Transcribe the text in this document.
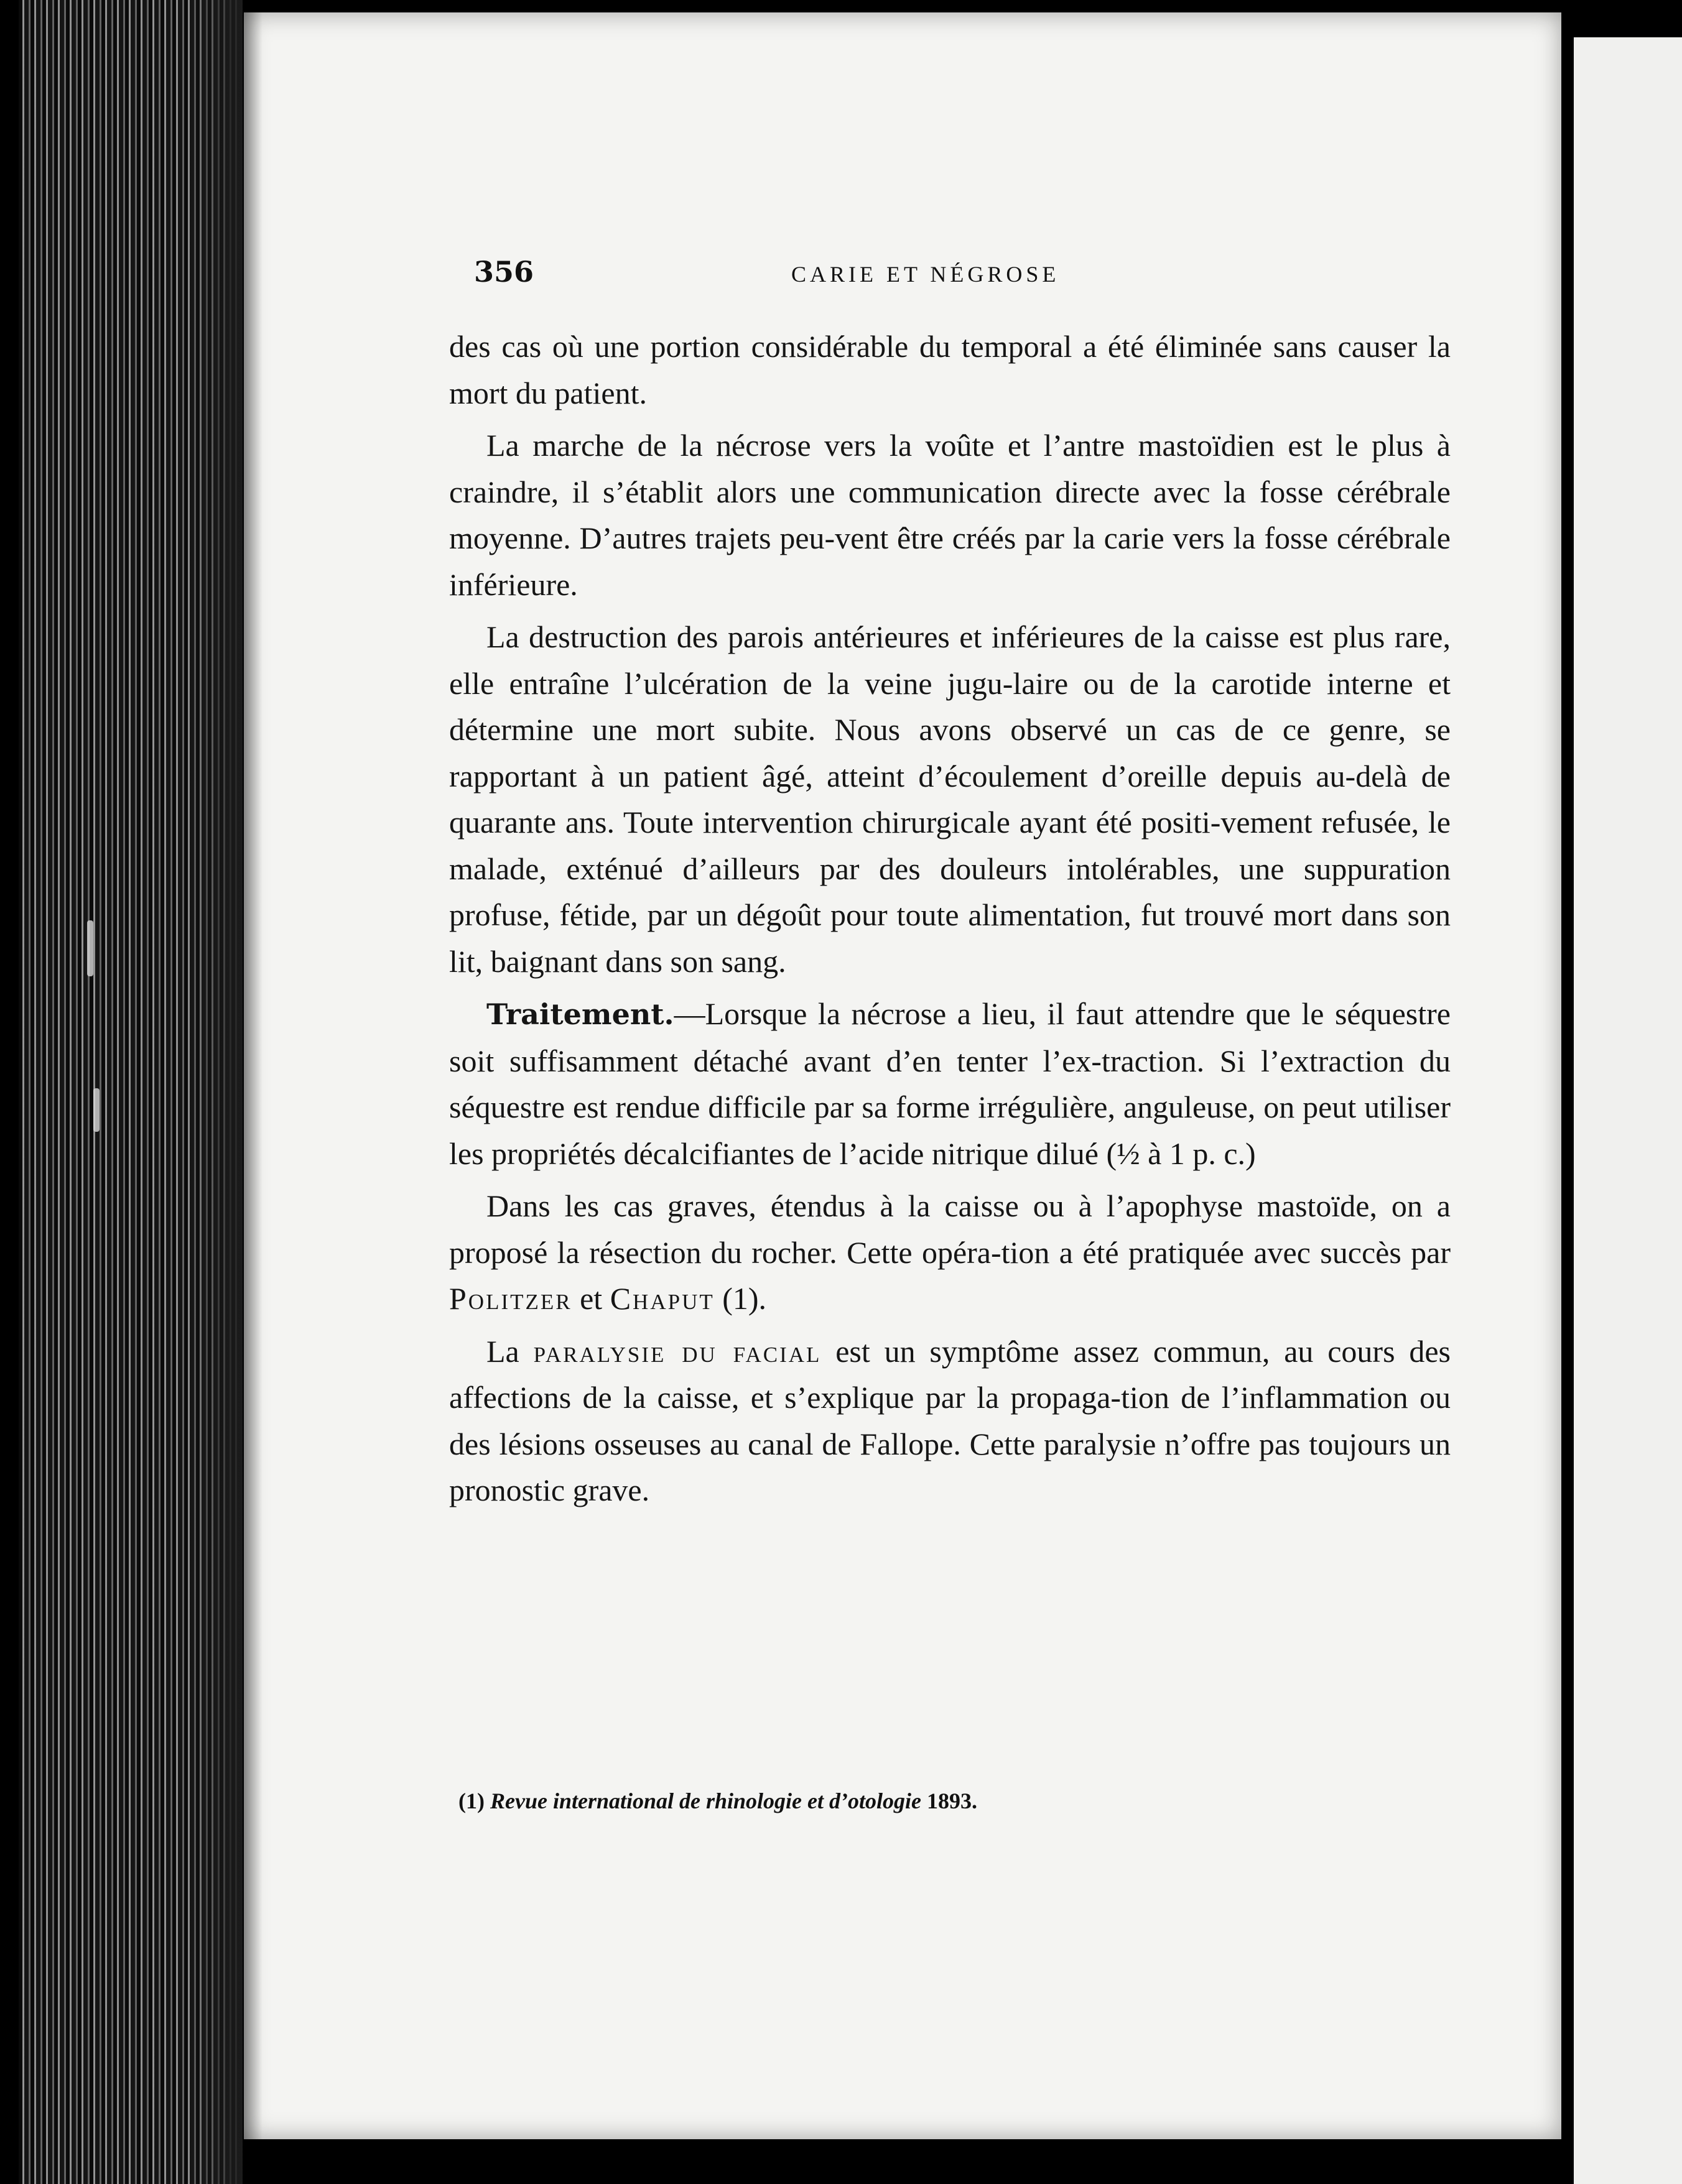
356	CARIE ET NÉGROSE

des cas où une portion considérable du temporal a été éliminée sans causer la mort du patient.

La marche de la nécrose vers la voûte et l’antre mastoïdien est le plus à craindre, il s’établit alors une communication directe avec la fosse cérébrale moyenne. D’autres trajets peu-vent être créés par la carie vers la fosse cérébrale inférieure.

La destruction des parois antérieures et inférieures de la caisse est plus rare, elle entraîne l’ulcération de la veine jugu-laire ou de la carotide interne et détermine une mort subite. Nous avons observé un cas de ce genre, se rapportant à un patient âgé, atteint d’écoulement d’oreille depuis au-delà de quarante ans. Toute intervention chirurgicale ayant été positi-vement refusée, le malade, exténué d’ailleurs par des douleurs intolérables, une suppuration profuse, fétide, par un dégoût pour toute alimentation, fut trouvé mort dans son lit, baignant dans son sang.

Traitement.—Lorsque la nécrose a lieu, il faut attendre que le séquestre soit suffisamment détaché avant d’en tenter l’ex-traction. Si l’extraction du séquestre est rendue difficile par sa forme irrégulière, anguleuse, on peut utiliser les propriétés décalcifiantes de l’acide nitrique dilué (½ à 1 p. c.)

Dans les cas graves, étendus à la caisse ou à l’apophyse mastoïde, on a proposé la résection du rocher. Cette opéra-tion a été pratiquée avec succès par Politzer et Chaput (1).

La paralysie du facial est un symptôme assez commun, au cours des affections de la caisse, et s’explique par la propaga-tion de l’inflammation ou des lésions osseuses au canal de Fallope. Cette paralysie n’offre pas toujours un pronostic grave.

(1) Revue international de rhinologie et d’otologie 1893.
